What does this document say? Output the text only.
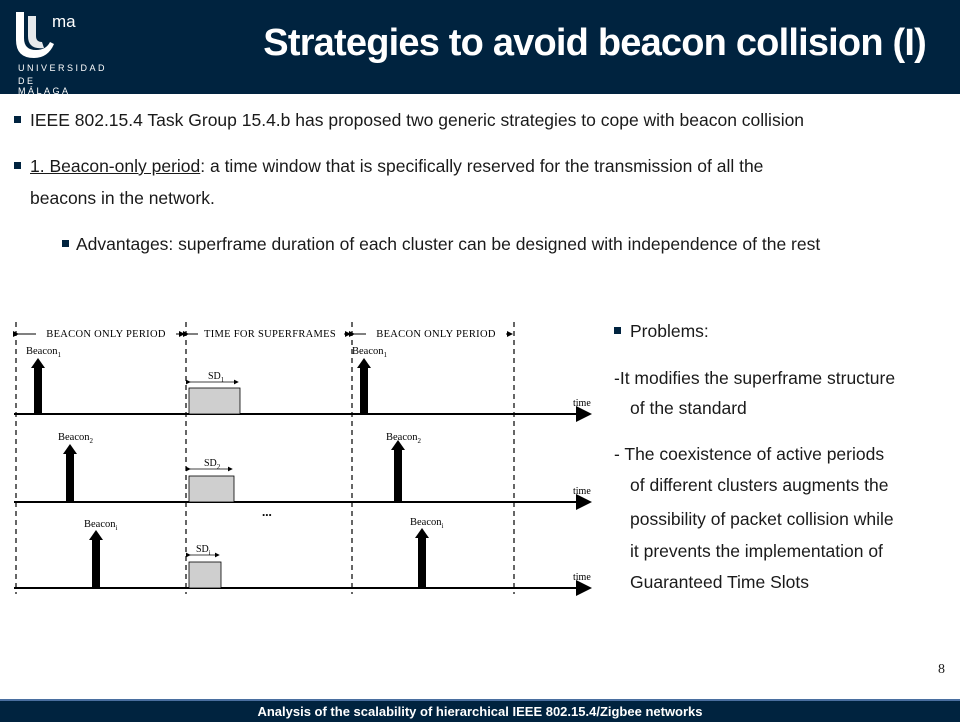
ma
UNIVERSIDAD
DE MÁLAGA
Strategies to avoid beacon collision (I)
IEEE 802.15.4 Task Group 15.4.b has proposed two generic strategies to cope with beacon collision
1. Beacon-only period: a time window that is specifically reserved for the transmission of all the
beacons in the network.
Advantages: superframe duration of each cluster can be designed with independence of the rest
BEACON ONLY PERIOD	TIME FOR SUPERFRAMES	BEACON ONLY PERIOD
time
Beacon$_1$	Beacon$_1$
$SD_1$
time
Beacon$_2$	Beacon$_2$
$SD_2$
...
time
Beacon$_i$	Beacon$_i$
$SD_i$
Problems:
-It modifies the superframe structure
of the standard
- The coexistence of active periods
of different clusters augments the
possibility of packet collision while
it prevents the implementation of
Guaranteed Time Slots
8
Analysis of the scalability of hierarchical IEEE 802.15.4/Zigbee networks
